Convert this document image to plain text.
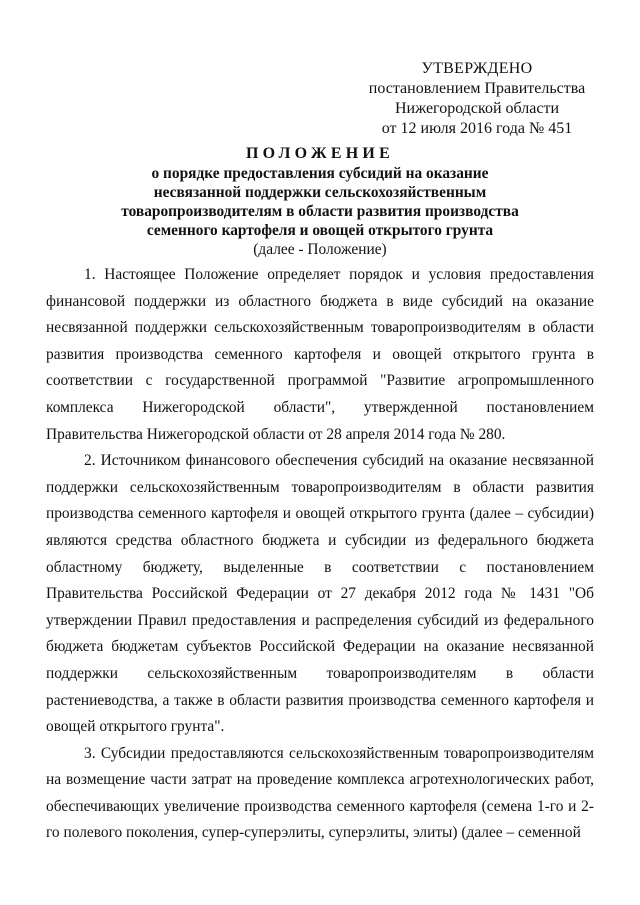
УТВЕРЖДЕНО
постановлением Правительства
Нижегородской области
от 12 июля 2016 года № 451
ПОЛОЖЕНИЕ
о порядке предоставления субсидий на оказание
несвязанной поддержки сельскохозяйственным
товаропроизводителям в области развития производства
семенного картофеля и овощей открытого грунта
(далее - Положение)

1. Настоящее Положение определяет порядок и условия предоставления финансовой поддержки из областного бюджета в виде субсидий на оказание несвязанной поддержки сельскохозяйственным товаропроизводителям в области развития производства семенного картофеля и овощей открытого грунта в соответствии с государственной программой "Развитие агропромышленного комплекса Нижегородской области", утвержденной постановлением Правительства Нижегородской области от 28 апреля 2014 года № 280.

2. Источником финансового обеспечения субсидий на оказание несвязанной поддержки сельскохозяйственным товаропроизводителям в области развития производства семенного картофеля и овощей открытого грунта (далее – субсидии) являются средства областного бюджета и субсидии из федерального бюджета областному бюджету, выделенные в соответствии с постановлением Правительства Российской Федерации от 27 декабря 2012 года № 1431 "Об утверждении Правил предоставления и распределения субсидий из федерального бюджета бюджетам субъектов Российской Федерации на оказание несвязанной поддержки сельскохозяйственным товаропроизводителям в области растениеводства, а также в области развития производства семенного картофеля и овощей открытого грунта".

3. Субсидии предоставляются сельскохозяйственным товаропроизводителям на возмещение части затрат на проведение комплекса агротехнологических работ, обеспечивающих увеличение производства семенного картофеля (семена 1-го и 2-го полевого поколения, супер-суперэлиты, суперэлиты, элиты) (далее – семенной
